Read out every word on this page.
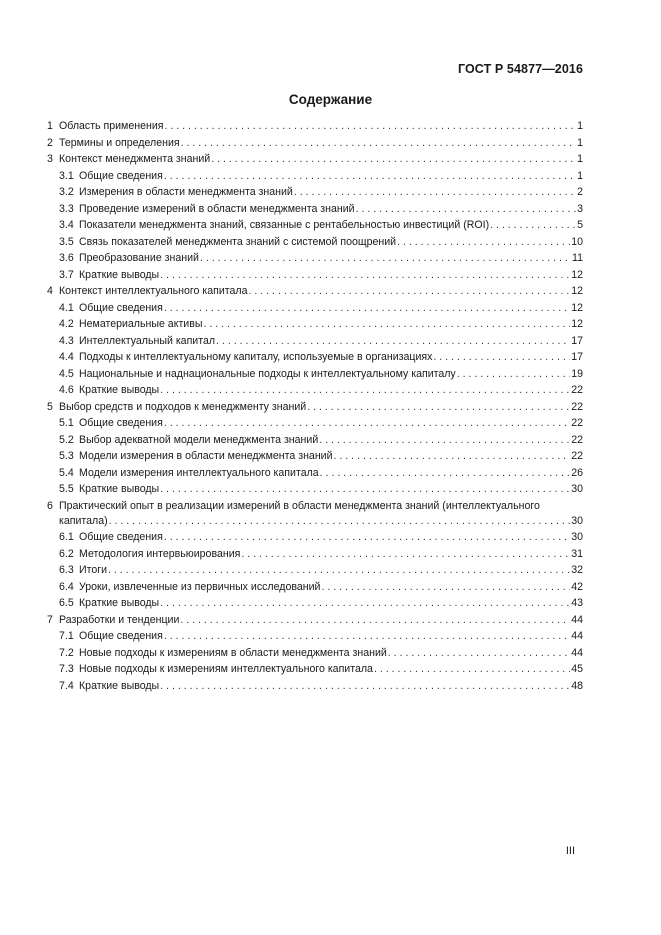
ГОСТ Р 54877—2016
Содержание
1 Область применения . . .	1
2 Термины и определения . . .	1
3 Контекст менеджмента знаний . . .	1
3.1 Общие сведения . . .	1
3.2 Измерения в области менеджмента знаний . . .	2
3.3 Проведение измерений в области менеджмента знаний . . .	3
3.4 Показатели менеджмента знаний, связанные с рентабельностью инвестиций (ROI) . . .	5
3.5 Связь показателей менеджмента знаний с системой поощрений . . .	10
3.6 Преобразование знаний . . .	11
3.7 Краткие выводы . . .	12
4 Контекст интеллектуального капитала . . .	12
4.1 Общие сведения . . .	12
4.2 Нематериальные активы . . .	12
4.3 Интеллектуальный капитал . . .	17
4.4 Подходы к интеллектуальному капиталу, используемые в организациях . . .	17
4.5 Национальные и наднациональные подходы к интеллектуальному капиталу . . .	19
4.6 Краткие выводы . . .	22
5 Выбор средств и подходов к менеджменту знаний . . .	22
5.1 Общие сведения . . .	22
5.2 Выбор адекватной модели менеджмента знаний . . .	22
5.3 Модели измерения в области менеджмента знаний . . .	22
5.4 Модели измерения интеллектуального капитала . . .	26
5.5 Краткие выводы . . .	30
6 Практический опыт в реализации измерений в области менеджмента знаний (интеллектуального
капитала) . . .	30
6.1 Общие сведения . . .	30
6.2 Методология интервьюирования . . .	31
6.3 Итоги . . .	32
6.4 Уроки, извлеченные из первичных исследований . . .	42
6.5 Краткие выводы . . .	43
7 Разработки и тенденции . . .	44
7.1 Общие сведения . . .	44
7.2 Новые подходы к измерениям в области менеджмента знаний . . .	44
7.3 Новые подходы к измерениям интеллектуального капитала . . .	45
7.4 Краткие выводы . . .	48
III
